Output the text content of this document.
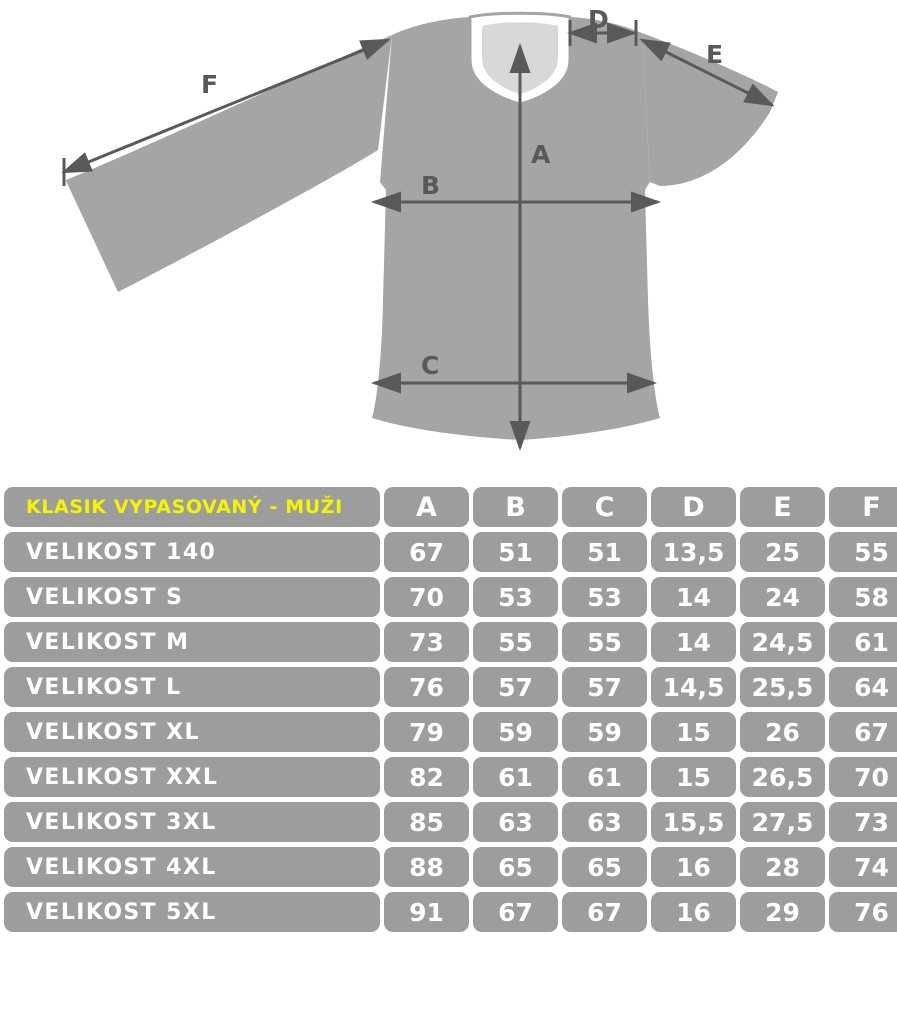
A
B
C
D
E
F
KLASIK VYPASOVANÝ - MUŽI	A	B	C	D	E	F
VELIKOST 140	67	51	51	13,5	25	55
VELIKOST S	70	53	53	14	24	58
VELIKOST M	73	55	55	14	24,5	61
VELIKOST L	76	57	57	14,5	25,5	64
VELIKOST XL	79	59	59	15	26	67
VELIKOST XXL	82	61	61	15	26,5	70
VELIKOST 3XL	85	63	63	15,5	27,5	73
VELIKOST 4XL	88	65	65	16	28	74
VELIKOST 5XL	91	67	67	16	29	76
